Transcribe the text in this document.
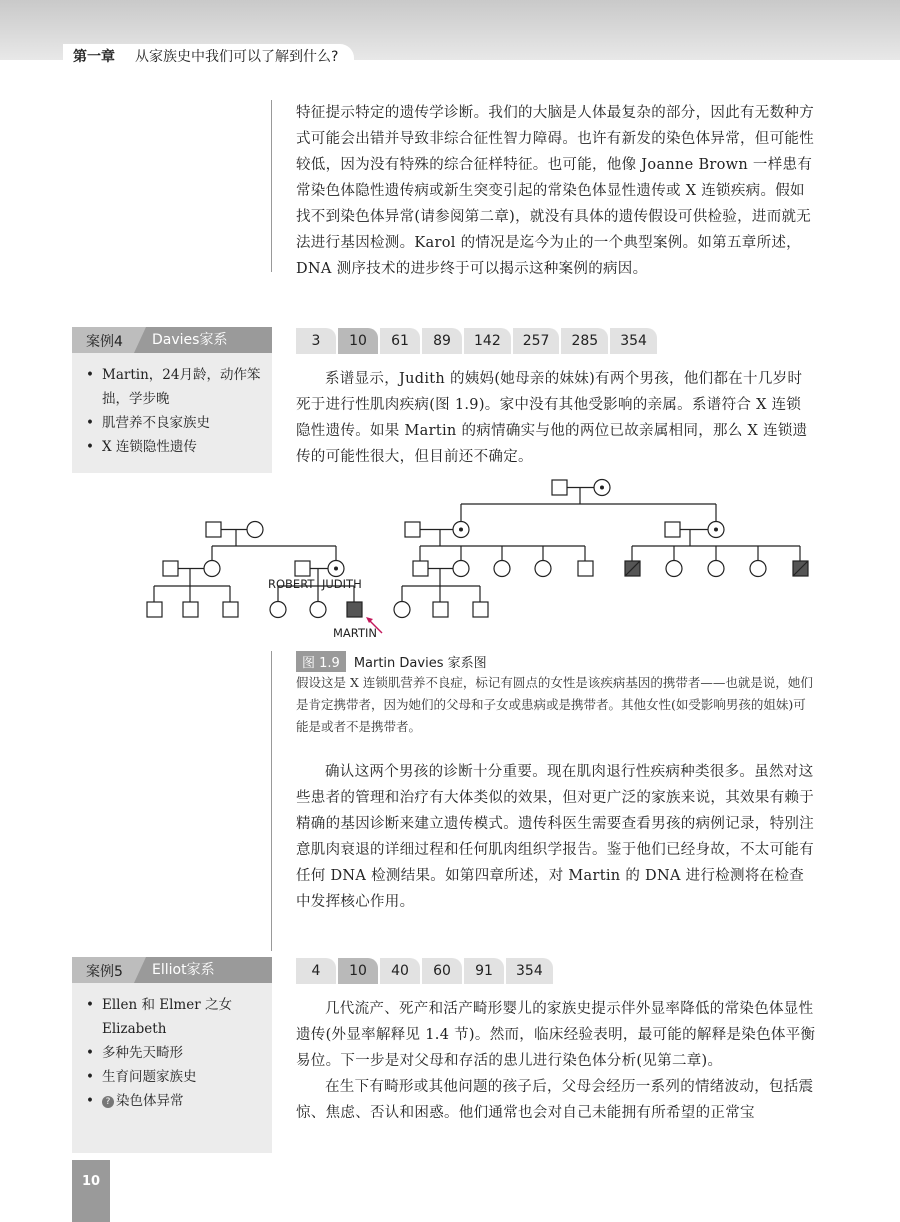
第一章 从家族史中我们可以了解到什么?

特征提示特定的遗传学诊断。我们的大脑是人体最复杂的部分，因此有无数种方式可能会出错并导致非综合征性智力障碍。也许有新发的染色体异常，但可能性较低，因为没有特殊的综合征样特征。也可能，他像 Joanne Brown 一样患有常染色体隐性遗传病或新生突变引起的常染色体显性遗传或 X 连锁疾病。假如找不到染色体异常(请参阅第二章)，就没有具体的遗传假设可供检验，进而就无法进行基因检测。Karol 的情况是迄今为止的一个典型案例。如第五章所述，DNA 测序技术的进步终于可以揭示这种案例的病因。

案例4	Davies家系
• Martin，24月龄，动作笨拙，学步晚
• 肌营养不良家族史
• X 连锁隐性遗传
3	10	61	89	142	257	285	354

系谱显示，Judith 的姨妈(她母亲的妹妹)有两个男孩，他们都在十几岁时死于进行性肌肉疾病(图 1.9)。家中没有其他受影响的亲属。系谱符合 X 连锁隐性遗传。如果 Martin 的病情确实与他的两位已故亲属相同，那么 X 连锁遗传的可能性很大，但目前还不确定。

ROBERT JUDITH
MARTIN
图 1.9 Martin Davies 家系图
假设这是 X 连锁肌营养不良症，标记有圆点的女性是该疾病基因的携带者——也就是说，她们是肯定携带者，因为她们的父母和子女或患病或是携带者。其他女性(如受影响男孩的姐妹)可能是或者不是携带者。

确认这两个男孩的诊断十分重要。现在肌肉退行性疾病种类很多。虽然对这些患者的管理和治疗有大体类似的效果，但对更广泛的家族来说，其效果有赖于精确的基因诊断来建立遗传模式。遗传科医生需要查看男孩的病例记录，特别注意肌肉衰退的详细过程和任何肌肉组织学报告。鉴于他们已经身故，不太可能有任何 DNA 检测结果。如第四章所述，对 Martin 的 DNA 进行检测将在检查中发挥核心作用。

案例5	Elliot家系
• Ellen 和 Elmer 之女 Elizabeth
• 多种先天畸形
• 生育问题家族史
• ? 染色体异常
4	10	40	60	91	354

几代流产、死产和活产畸形婴儿的家族史提示伴外显率降低的常染色体显性遗传(外显率解释见 1.4 节)。然而，临床经验表明，最可能的解释是染色体平衡易位。下一步是对父母和存活的患儿进行染色体分析(见第二章)。

在生下有畸形或其他问题的孩子后，父母会经历一系列的情绪波动，包括震惊、焦虑、否认和困惑。他们通常也会对自己未能拥有所希望的正常宝

10
